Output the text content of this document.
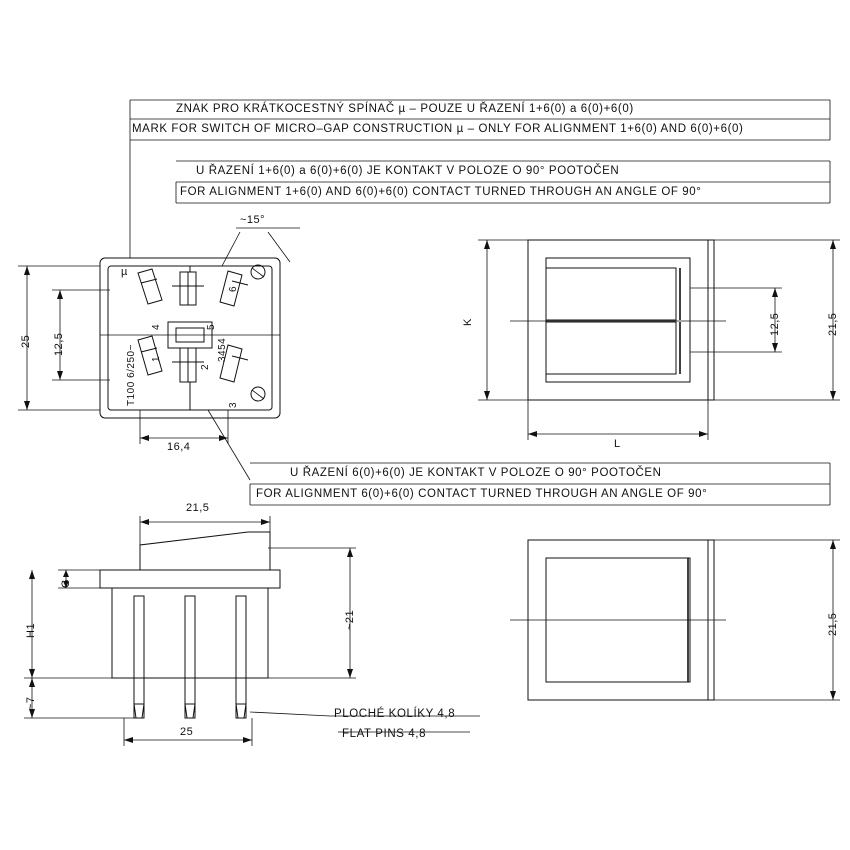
ZNAK PRO KRÁTKOCESTNÝ SPÍNAČ µ – POUZE U ŘAZENÍ 1+6(0) a 6(0)+6(0)
MARK FOR SWITCH OF MICRO–GAP CONSTRUCTION µ – ONLY FOR ALIGNMENT 1+6(0) AND 6(0)+6(0)
U ŘAZENÍ 1+6(0) a 6(0)+6(0) JE KONTAKT V POLOZE O 90° POOTOČEN
FOR ALIGNMENT 1+6(0) AND 6(0)+6(0) CONTACT TURNED THROUGH AN ANGLE OF 90°
U ŘAZENÍ 6(0)+6(0) JE KONTAKT V POLOZE O 90° POOTOČEN
FOR ALIGNMENT 6(0)+6(0) CONTACT TURNED THROUGH AN ANGLE OF 90°
~15°
µ
T100 6/250~ 1
2
3
4	5
6
3454
25 12,5
16,4
K
L
12,5	21,5
21,5
G
H1
~7
25
~21
PLOCHÉ KOLÍKY 4,8
FLAT PINS 4,8
21,5
